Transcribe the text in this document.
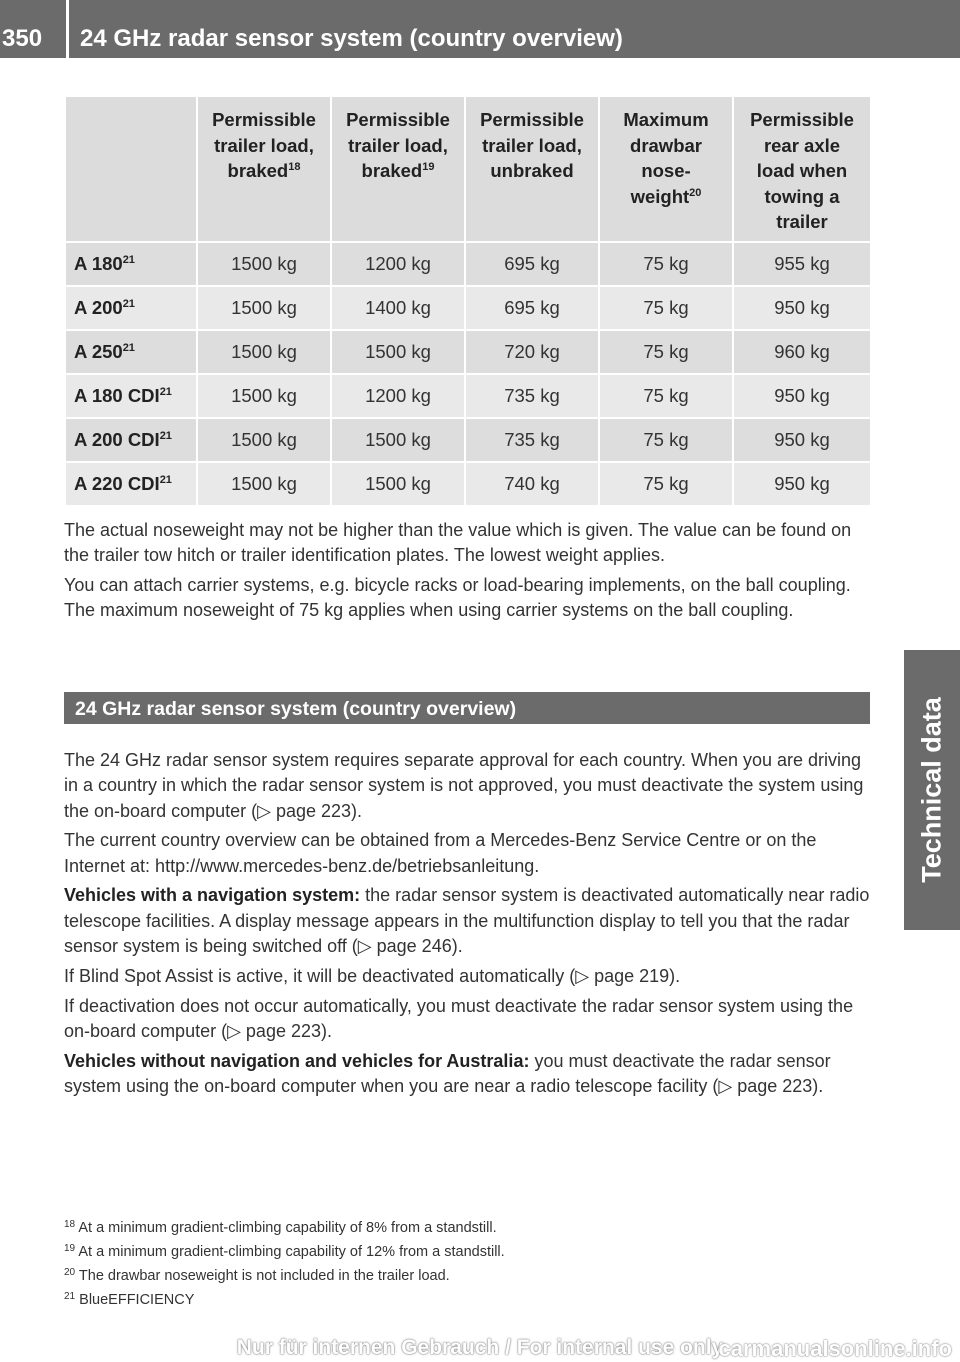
350	24 GHz radar sensor system (country overview)
Technical data
	Permissible trailer load, braked$^{18}$	Permissible trailer load, braked$^{19}$	Permissible trailer load, unbraked	Maximum drawbar nose-weight$^{20}$	Permissible rear axle load when towing a trailer
A $180^{21}$	1500 kg	1200 kg	695 kg	75 kg	955 kg
A $200^{21}$	1500 kg	1400 kg	695 kg	75 kg	950 kg
A $250^{21}$	1500 kg	1500 kg	720 kg	75 kg	960 kg
A 180 CDI$^{21}$	1500 kg	1200 kg	735 kg	75 kg	950 kg
A 200 CDI$^{21}$	1500 kg	1500 kg	735 kg	75 kg	950 kg
A 220 CDI$^{21}$	1500 kg	1500 kg	740 kg	75 kg	950 kg

The actual noseweight may not be higher than the value which is given. The value can be found on the trailer tow hitch or trailer identification plates. The lowest weight applies.

You can attach carrier systems, e.g. bicycle racks or load-bearing implements, on the ball coupling. The maximum noseweight of 75 kg applies when using carrier systems on the ball coupling.

24 GHz radar sensor system (country overview)

The 24 GHz radar sensor system requires separate approval for each country. When you are driving in a country in which the radar sensor system is not approved, you must deactivate the system using the on-board computer (▷ page 223).

The current country overview can be obtained from a Mercedes-Benz Service Centre or on the Internet at: http://www.mercedes-benz.de/betriebsanleitung.

Vehicles with a navigation system: the radar sensor system is deactivated automatically near radio telescope facilities. A display message appears in the multifunction display to tell you that the radar sensor system is being switched off (▷ page 246).

If Blind Spot Assist is active, it will be deactivated automatically (▷ page 219).

If deactivation does not occur automatically, you must deactivate the radar sensor system using the on-board computer (▷ page 223).

Vehicles without navigation and vehicles for Australia: you must deactivate the radar sensor system using the on-board computer when you are near a radio telescope facility (▷ page 223).

$^{18}$ At a minimum gradient-climbing capability of 8% from a standstill.
$^{19}$ At a minimum gradient-climbing capability of 12% from a standstill.
$^{20}$ The drawbar noseweight is not included in the trailer load.
$^{21}$ BlueEFFICIENCY
Nur für internen Gebrauch / For internal use only
carmanualsonline.info
